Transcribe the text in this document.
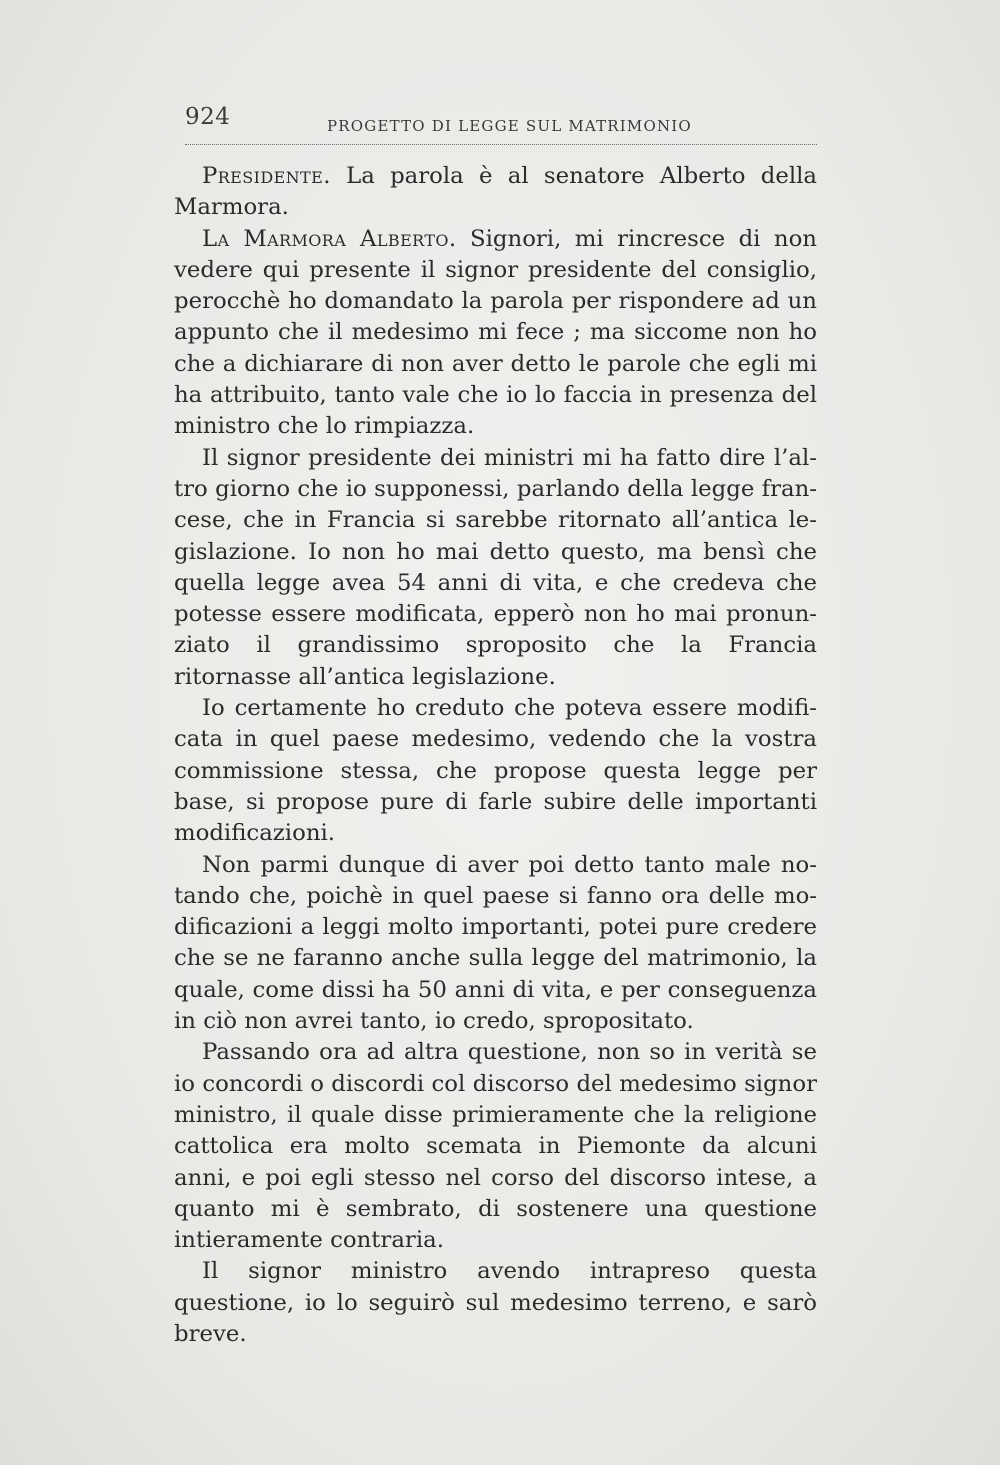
924	PROGETTO DI LEGGE SUL MATRIMONIO

Presidente. La parola è al senatore Alberto della Marmora.

La Marmora Alberto. Signori, mi rincresce di non vedere qui presente il signor presidente del consiglio, perocchè ho domandato la parola per rispondere ad un appunto che il medesimo mi fece ; ma siccome non ho che a dichiarare di non aver detto le parole che egli mi ha attribuito, tanto vale che io lo faccia in presenza del ministro che lo rimpiazza.

Il signor presidente dei ministri mi ha fatto dire l’altro giorno che io supponessi, parlando della legge francese, che in Francia si sarebbe ritornato all’antica legislazione. Io non ho mai detto questo, ma bensì che quella legge avea 54 anni di vita, e che credeva che potesse essere modificata, epperò non ho mai pronunziato il grandissimo sproposito che la Francia ritornasse all’antica legislazione.

Io certamente ho creduto che poteva essere modificata in quel paese medesimo, vedendo che la vostra commissione stessa, che propose questa legge per base, si propose pure di farle subire delle importanti modificazioni.

Non parmi dunque di aver poi detto tanto male notando che, poichè in quel paese si fanno ora delle modificazioni a leggi molto importanti, potei pure credere che se ne faranno anche sulla legge del matrimonio, la quale, come dissi ha 50 anni di vita, e per conseguenza in ciò non avrei tanto, io credo, spropositato.

Passando ora ad altra questione, non so in verità se io concordi o discordi col discorso del medesimo signor ministro, il quale disse primieramente che la religione cattolica era molto scemata in Piemonte da alcuni anni, e poi egli stesso nel corso del discorso intese, a quanto mi è sembrato, di sostenere una questione intieramente contraria.

Il signor ministro avendo intrapreso questa questione, io lo seguirò sul medesimo terreno, e sarò breve.
